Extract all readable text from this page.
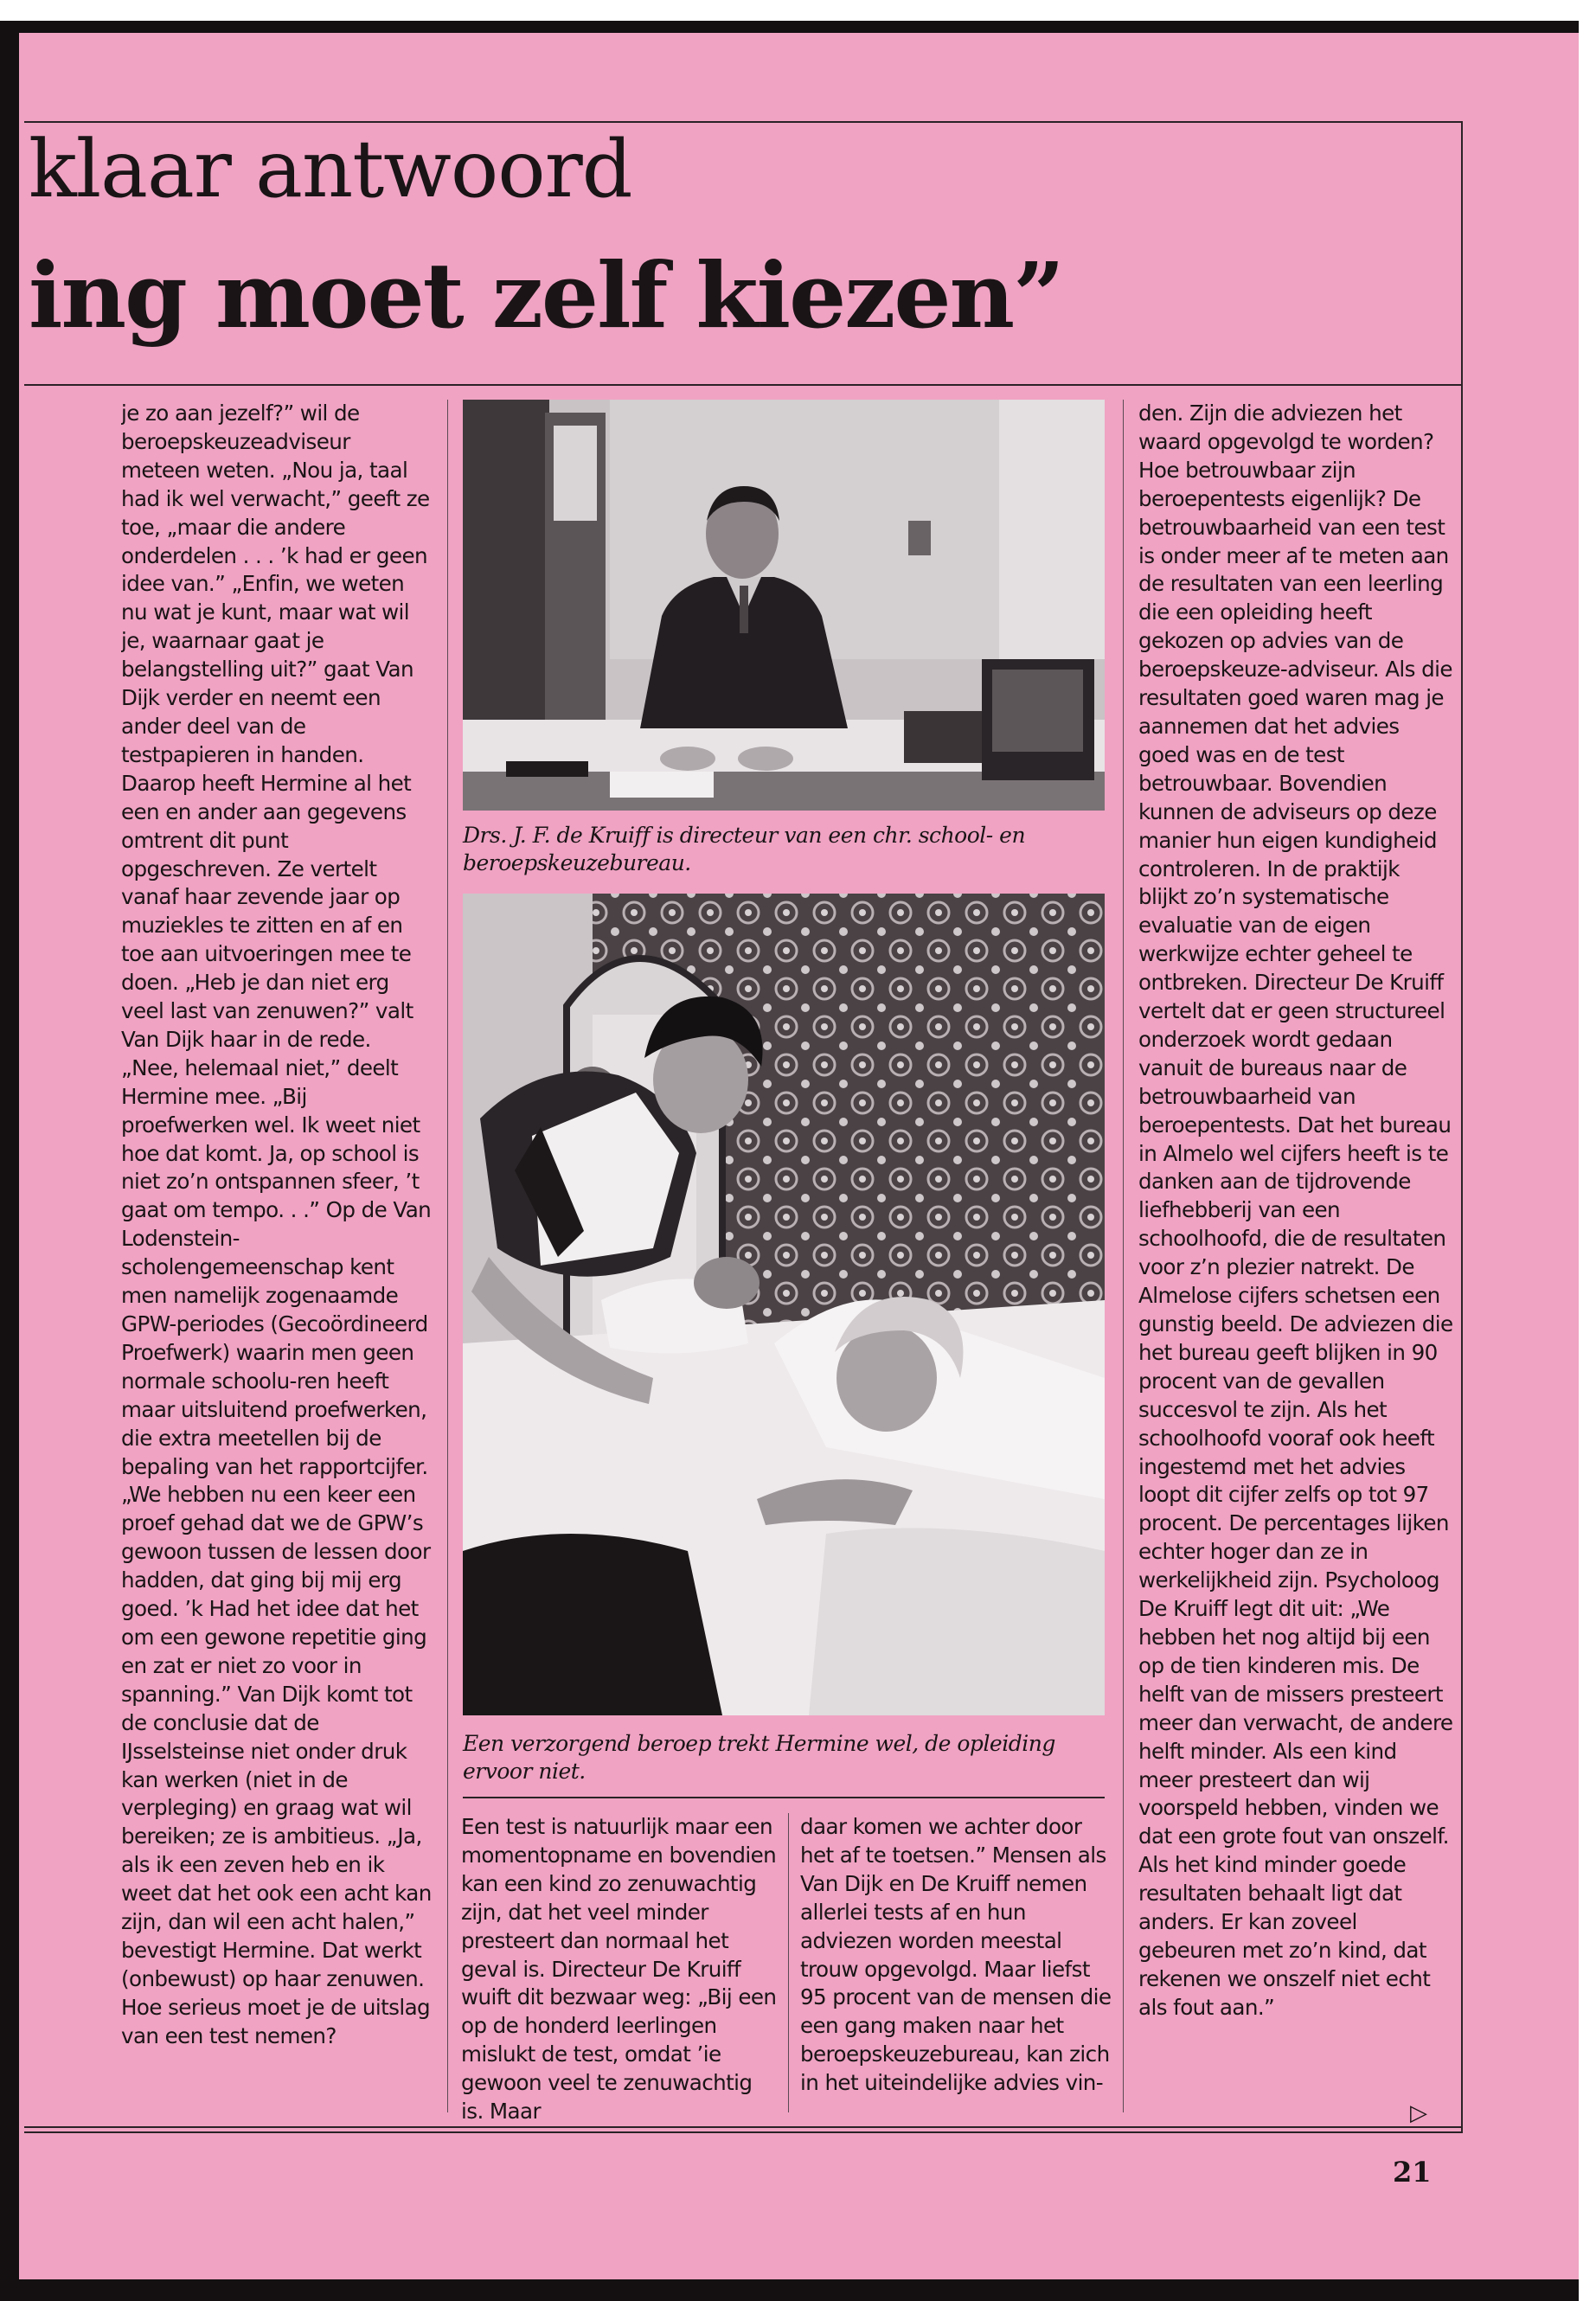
klaar antwoord
ing moet zelf kiezen”

je zo aan jezelf?” wil de beroepskeuzeadviseur meteen weten. „Nou ja, taal had ik wel verwacht,” geeft ze toe, „maar die andere onderdelen . . . ’k had er geen idee van.” „Enfin, we weten nu wat je kunt, maar wat wil je, waarnaar gaat je belangstelling uit?” gaat Van Dijk verder en neemt een ander deel van de testpapieren in handen. Daarop heeft Hermine al het een en ander aan gegevens omtrent dit punt opgeschreven. Ze vertelt vanaf haar zevende jaar op muziekles te zitten en af en toe aan uitvoeringen mee te doen. „Heb je dan niet erg veel last van zenuwen?” valt Van Dijk haar in de rede. „Nee, helemaal niet,” deelt Hermine mee. „Bij proefwerken wel. Ik weet niet hoe dat komt. Ja, op school is niet zo’n ontspannen sfeer, ’t gaat om tempo. . .” Op de Van Lodenstein-scholengemeenschap kent men namelijk zogenaamde GPW-periodes (Gecoördineerd Proefwerk) waarin men geen normale schoolu-ren heeft maar uitsluitend proefwerken, die extra meetellen bij de bepaling van het rapportcijfer. „We hebben nu een keer een proef gehad dat we de GPW’s gewoon tussen de lessen door hadden, dat ging bij mij erg goed. ’k Had het idee dat het om een gewone repetitie ging en zat er niet zo voor in spanning.” Van Dijk komt tot de conclusie dat de IJsselsteinse niet onder druk kan werken (niet in de verpleging) en graag wat wil bereiken; ze is ambitieus. „Ja, als ik een zeven heb en ik weet dat het ook een acht kan zijn, dan wil een acht halen,” bevestigt Hermine. Dat werkt (onbewust) op haar zenuwen. Hoe serieus moet je de uitslag van een test nemen?

Drs. J. F. de Kruiff is directeur van een chr. school- en beroepskeuzebureau.
Een verzorgend beroep trekt Hermine wel, de opleiding ervoor niet.

Een test is natuurlijk maar een momentopname en bovendien kan een kind zo zenuwachtig zijn, dat het veel minder presteert dan normaal het geval is. Directeur De Kruiff wuift dit bezwaar weg: „Bij een op de honderd leerlingen mislukt de test, omdat ’ie gewoon veel te zenuwachtig is. Maar

daar komen we achter door het af te toetsen.” Mensen als Van Dijk en De Kruiff nemen allerlei tests af en hun adviezen worden meestal trouw opgevolgd. Maar liefst 95 procent van de mensen die een gang maken naar het beroepskeuzebureau, kan zich in het uiteindelijke advies vin-

den. Zijn die adviezen het waard opgevolgd te worden? Hoe betrouwbaar zijn beroepentests eigenlijk? De betrouwbaarheid van een test is onder meer af te meten aan de resultaten van een leerling die een opleiding heeft gekozen op advies van de beroepskeuze-adviseur. Als die resultaten goed waren mag je aannemen dat het advies goed was en de test betrouwbaar. Bovendien kunnen de adviseurs op deze manier hun eigen kundigheid controleren. In de praktijk blijkt zo’n systematische evaluatie van de eigen werkwijze echter geheel te ontbreken. Directeur De Kruiff vertelt dat er geen structureel onderzoek wordt gedaan vanuit de bureaus naar de betrouwbaarheid van beroepentests. Dat het bureau in Almelo wel cijfers heeft is te danken aan de tijdrovende liefhebberij van een schoolhoofd, die de resultaten voor z’n plezier natrekt. De Almelose cijfers schetsen een gunstig beeld. De adviezen die het bureau geeft blijken in 90 procent van de gevallen succesvol te zijn. Als het schoolhoofd vooraf ook heeft ingestemd met het advies loopt dit cijfer zelfs op tot 97 procent. De percentages lijken echter hoger dan ze in werkelijkheid zijn. Psycholoog De Kruiff legt dit uit: „We hebben het nog altijd bij een op de tien kinderen mis. De helft van de missers presteert meer dan verwacht, de andere helft minder. Als een kind meer presteert dan wij voorspeld hebben, vinden we dat een grote fout van onszelf. Als het kind minder goede resultaten behaalt ligt dat anders. Er kan zoveel gebeuren met zo’n kind, dat rekenen we onszelf niet echt als fout aan.”

▷
21
